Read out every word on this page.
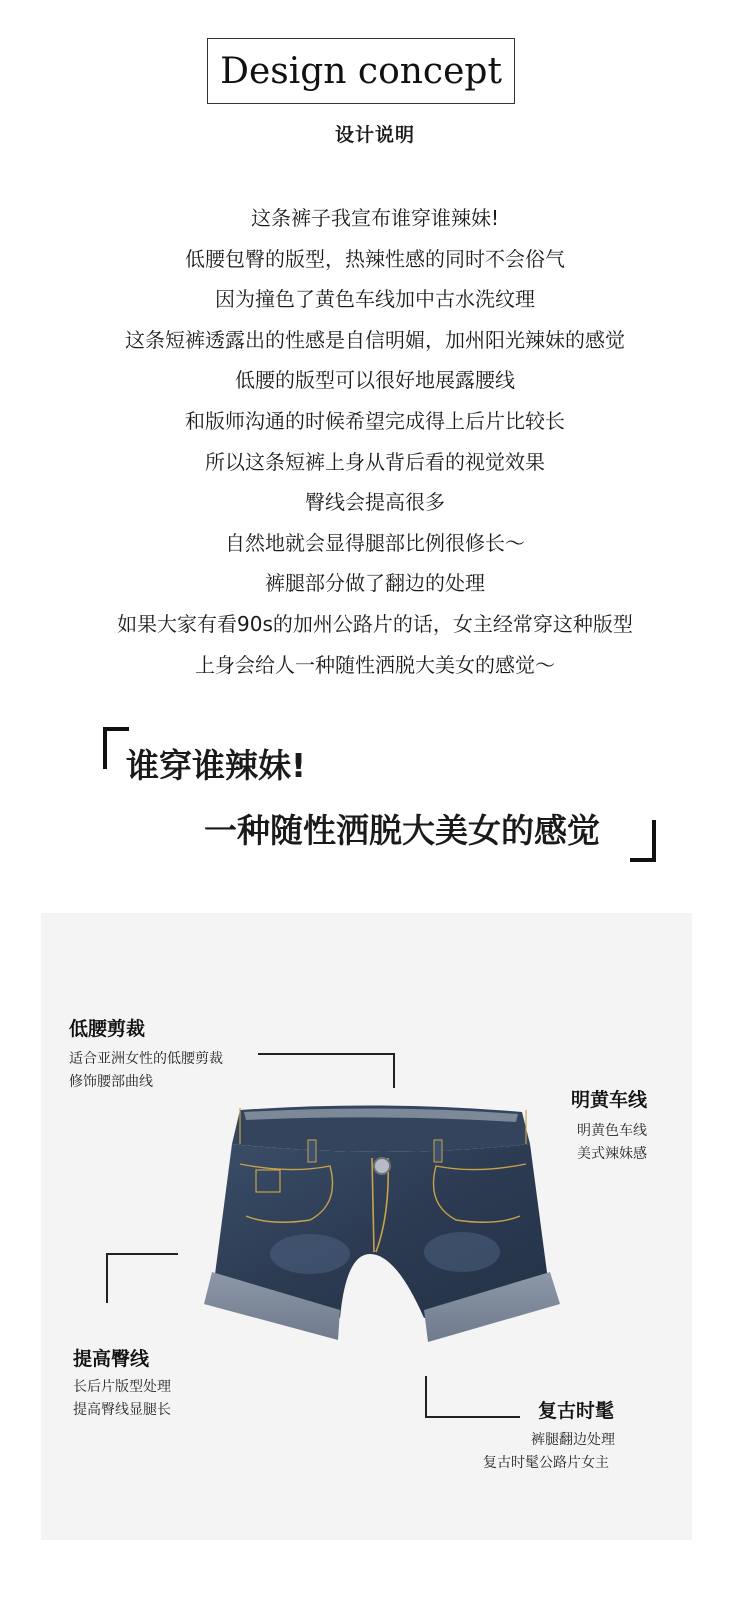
Design concept
设计说明
这条裤子我宣布谁穿谁辣妹!
低腰包臀的版型，热辣性感的同时不会俗气
因为撞色了黄色车线加中古水洗纹理
这条短裤透露出的性感是自信明媚，加州阳光辣妹的感觉
低腰的版型可以很好地展露腰线
和版师沟通的时候希望完成得上后片比较长
所以这条短裤上身从背后看的视觉效果
臀线会提高很多
自然地就会显得腿部比例很修长～
裤腿部分做了翻边的处理
如果大家有看90s的加州公路片的话，女主经常穿这种版型
上身会给人一种随性洒脱大美女的感觉～
谁穿谁辣妹!
一种随性洒脱大美女的感觉
低腰剪裁
适合亚洲女性的低腰剪裁
修饰腰部曲线
明黄车线
明黄色车线
美式辣妹感
提高臀线
长后片版型处理
提高臀线显腿长	复古时髦
裤腿翻边处理
复古时髦公路片女主
